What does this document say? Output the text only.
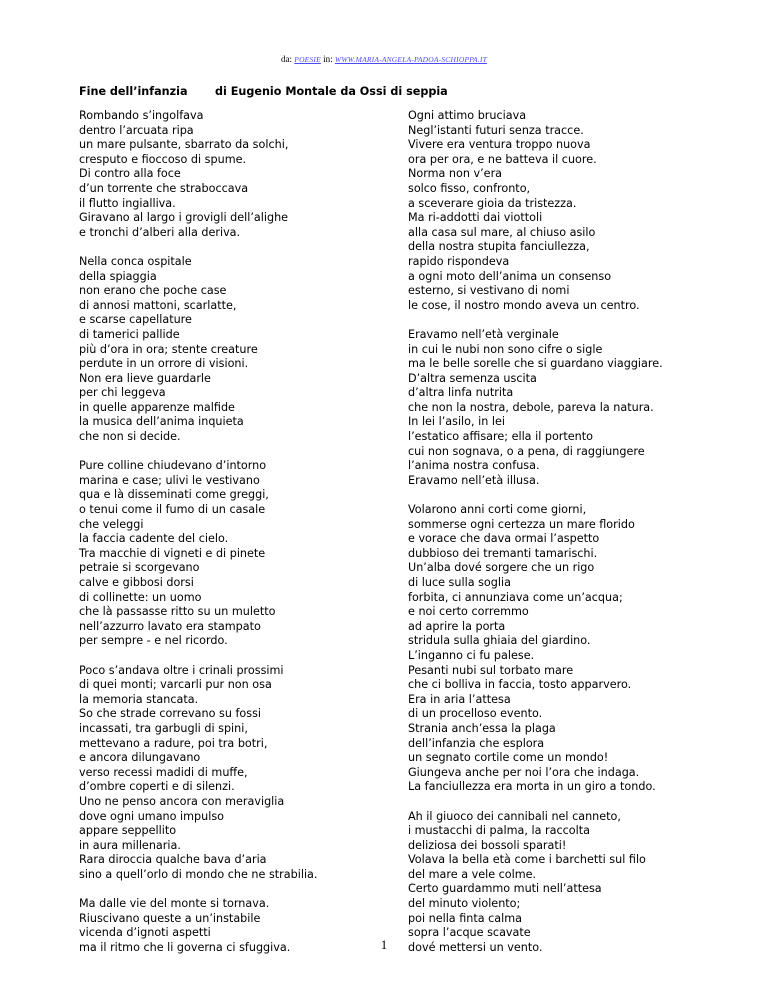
da: POESIE in: WWW.MARIA-ANGELA-PADOA-SCHIOPPA.IT
Fine dell’infanzia di Eugenio Montale da Ossi di seppia
Rombando s’ingolfava
dentro l’arcuata ripa
un mare pulsante, sbarrato da solchi,
cresputo e fioccoso di spume.
Di contro alla foce
d’un torrente che straboccava
il flutto ingialliva.
Giravano al largo i grovigli dell’alighe
e tronchi d’alberi alla deriva.
Nella conca ospitale
della spiaggia
non erano che poche case
di annosi mattoni, scarlatte,
e scarse capellature
di tamerici pallide
più d’ora in ora; stente creature
perdute in un orrore di visioni.
Non era lieve guardarle
per chi leggeva
in quelle apparenze malfide
la musica dell’anima inquieta
che non si decide.
Pure colline chiudevano d’intorno
marina e case; ulivi le vestivano
qua e là disseminati come greggi,
o tenui come il fumo di un casale
che veleggi
la faccia cadente del cielo.
Tra macchie di vigneti e di pinete
petraie si scorgevano
calve e gibbosi dorsi
di collinette: un uomo
che là passasse ritto su un muletto
nell’azzurro lavato era stampato
per sempre - e nel ricordo.
Poco s’andava oltre i crinali prossimi
di quei monti; varcarli pur non osa
la memoria stancata.
So che strade correvano su fossi
incassati, tra garbugli di spini,
mettevano a radure, poi tra botri,
e ancora dilungavano
verso recessi madidi di muffe,
d’ombre coperti e di silenzi.
Uno ne penso ancora con meraviglia
dove ogni umano impulso
appare seppellito
in aura millenaria.
Rara diroccia qualche bava d’aria
sino a quell’orlo di mondo che ne strabilia.
Ma dalle vie del monte si tornava.
Riuscivano queste a un’instabile
vicenda d’ignoti aspetti
ma il ritmo che li governa ci sfuggiva.
Ogni attimo bruciava
Negl’istanti futuri senza tracce.
Vivere era ventura troppo nuova
ora per ora, e ne batteva il cuore.
Norma non v’era
solco fisso, confronto,
a sceverare gioia da tristezza.
Ma ri-addotti dai viottoli
alla casa sul mare, al chiuso asilo
della nostra stupita fanciullezza,
rapido rispondeva
a ogni moto dell’anima un consenso
esterno, si vestivano di nomi
le cose, il nostro mondo aveva un centro.
Eravamo nell’età verginale
in cui le nubi non sono cifre o sigle
ma le belle sorelle che si guardano viaggiare.
D’altra semenza uscita
d’altra linfa nutrita
che non la nostra, debole, pareva la natura.
In lei l’asilo, in lei
l’estatico affisare; ella il portento
cui non sognava, o a pena, di raggiungere
l’anima nostra confusa.
Eravamo nell’età illusa.
Volarono anni corti come giorni,
sommerse ogni certezza un mare florido
e vorace che dava ormai l’aspetto
dubbioso dei tremanti tamarischi.
Un’alba dové sorgere che un rigo
di luce sulla soglia
forbita, ci annunziava come un’acqua;
e noi certo corremmo
ad aprire la porta
stridula sulla ghiaia del giardino.
L’inganno ci fu palese.
Pesanti nubi sul torbato mare
che ci bolliva in faccia, tosto apparvero.
Era in aria l’attesa
di un procelloso evento.
Strania anch’essa la plaga
dell’infanzia che esplora
un segnato cortile come un mondo!
Giungeva anche per noi l’ora che indaga.
La fanciullezza era morta in un giro a tondo.
Ah il giuoco dei cannibali nel canneto,
i mustacchi di palma, la raccolta
deliziosa dei bossoli sparati!
Volava la bella età come i barchetti sul filo
del mare a vele colme.
Certo guardammo muti nell’attesa
del minuto violento;
poi nella finta calma
sopra l’acque scavate
dové mettersi un vento.
1
